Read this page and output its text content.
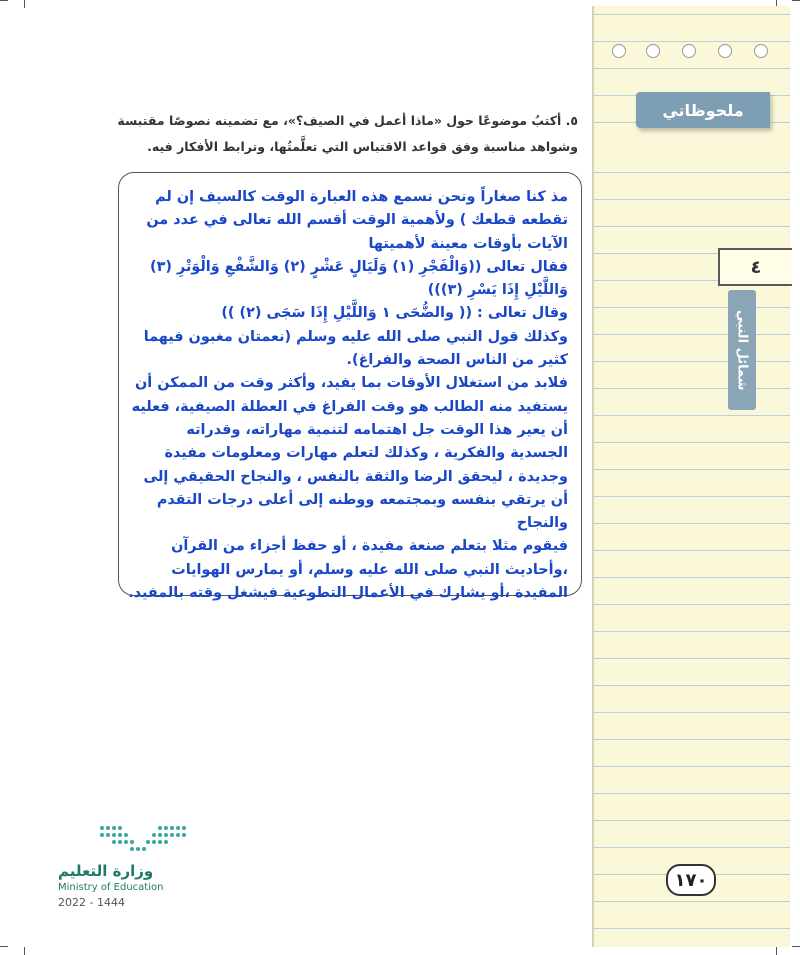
ملحوظاتي
٤
شمائل النبي
٥. أكتبُ موضوعًا حول «ماذا أعمل في الصيف؟»، مع تضمينه نصوصًا مقتبسة وشواهد مناسبة وفق قواعد الاقتباس التي تعلَّمتُها، وترابط الأفكار فيه.

مذ كنا صغاراً ونحن نسمع هذه العبارة الوقت كالسيف إن لم تقطعه قطعك ) ولأهمية الوقت أقسم الله تعالى في عدد من الآيات بأوقات معينة لأهميتها

فقال تعالى ((وَالْفَجْرِ (١) وَلَيَالٍ عَشْرٍ (٢) وَالشَّفْعِ وَالْوَتْرِ (٣) وَاللَّيْلِ إِذَا يَسْرِ (٣)))

وقال تعالى : (( والضُّحَى ١ وَاللَّيْلِ إِذَا سَجَى (٢) ))

وكذلك قول النبي صلى الله عليه وسلم (نعمتان مغبون فيهما كثير من الناس الصحة والفراغ).

فلابد من استغلال الأوقات بما يفيد، وأكثر وقت من الممكن أن يستفيد منه الطالب هو وقت الفراغ في العطلة الصيفية، فعليه أن يعير هذا الوقت جل اهتمامه لتنمية مهاراته، وقدراته الجسدية والفكرية ، وكذلك لتعلم مهارات ومعلومات مفيدة وجديدة ، ليحقق الرضا والثقة بالنفس ، والنجاح الحقيقي إلى أن يرتقي بنفسه وبمجتمعه ووطنه إلى أعلى درجات التقدم والنجاح

فيقوم مثلا بتعلم صنعة مفيدة ، أو حفظ أجزاء من القرآن ،وأحاديث النبي صلى الله عليه وسلم، أو يمارس الهوايات المفيدة ،أو يشارك في الأعمال التطوعية فيشغل وقته بالمفيد.

١٧٠
وزارة التعليم
Ministry of Education
2022 - 1444
